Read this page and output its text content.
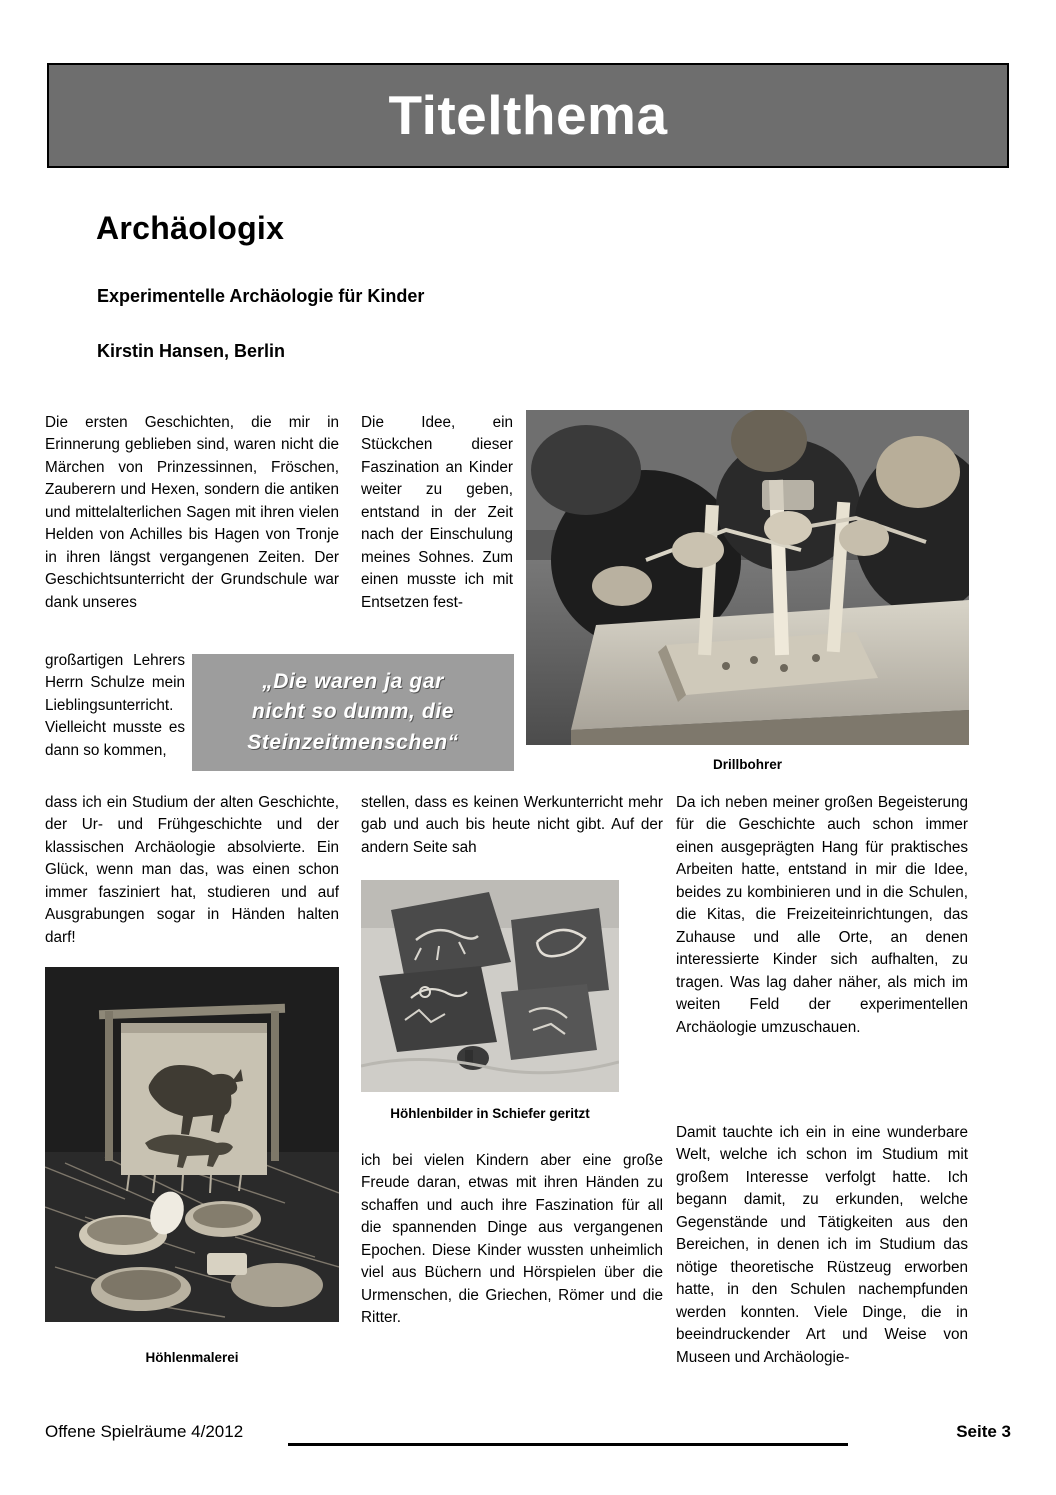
Titelthema
Archäologix
Experimentelle Archäologie für Kinder
Kirstin Hansen, Berlin

Die ersten Geschichten, die mir in Erinnerung geblieben sind, waren nicht die Märchen von Prinzessinnen, Fröschen, Zauberern und Hexen, sondern die antiken und mittelalterlichen Sagen mit ihren vielen Helden von Achilles bis Hagen von Tronje in ihren längst vergangenen Zeiten. Der Geschichtsunterricht der Grundschule war dank unseres

großartigen Lehrers Herrn Schulze mein Lieblingsunterricht. Vielleicht musste es dann so kommen,

dass ich ein Studium der alten Geschichte, der Ur- und Frühgeschichte und der klassischen Archäologie absolvierte. Ein Glück, wenn man das, was einen schon immer fasziniert hat, studieren und auf Ausgrabungen sogar in Händen halten darf!

Die Idee, ein Stückchen dieser Faszination an Kinder weiter zu geben, entstand in der Zeit nach der Einschulung meines Sohnes. Zum einen musste ich mit Entsetzen fest-

stellen, dass es keinen Werkunterricht mehr gab und auch bis heute nicht gibt. Auf der andern Seite sah

ich bei vielen Kindern aber eine große Freude daran, etwas mit ihren Händen zu schaffen und auch ihre Faszination für all die spannenden Dinge aus vergangenen Epochen. Diese Kinder wussten unheimlich viel aus Büchern und Hörspielen über die Urmenschen, die Griechen, Römer und die Ritter.

Da ich neben meiner großen Begeisterung für die Geschichte auch schon immer einen ausgeprägten Hang für praktisches Arbeiten hatte, entstand in mir die Idee, beides zu kombinieren und in die Schulen, die Kitas, die Freizeiteinrichtungen, das Zuhause und alle Orte, an denen interessierte Kinder sich aufhalten, zu tragen. Was lag daher näher, als mich im weiten Feld der experimentellen Archäologie umzuschauen.

Damit tauchte ich ein in eine wunderbare Welt, welche ich schon im Studium mit großem Interesse verfolgt hatte. Ich begann damit, zu erkunden, welche Gegenstände und Tätigkeiten aus den Bereichen, in denen ich im Studium das nötige theoretische Rüstzeug erworben hatte, in den Schulen nachempfunden werden konnten. Viele Dinge, die in beeindruckender Art und Weise von Museen und Archäologie-

„Die waren ja gar
nicht so dumm, die
Steinzeitmenschen“
Drillbohrer
Höhlenbilder in Schiefer geritzt
Höhlenmalerei
Offene Spielräume 4/2012	Seite 3
